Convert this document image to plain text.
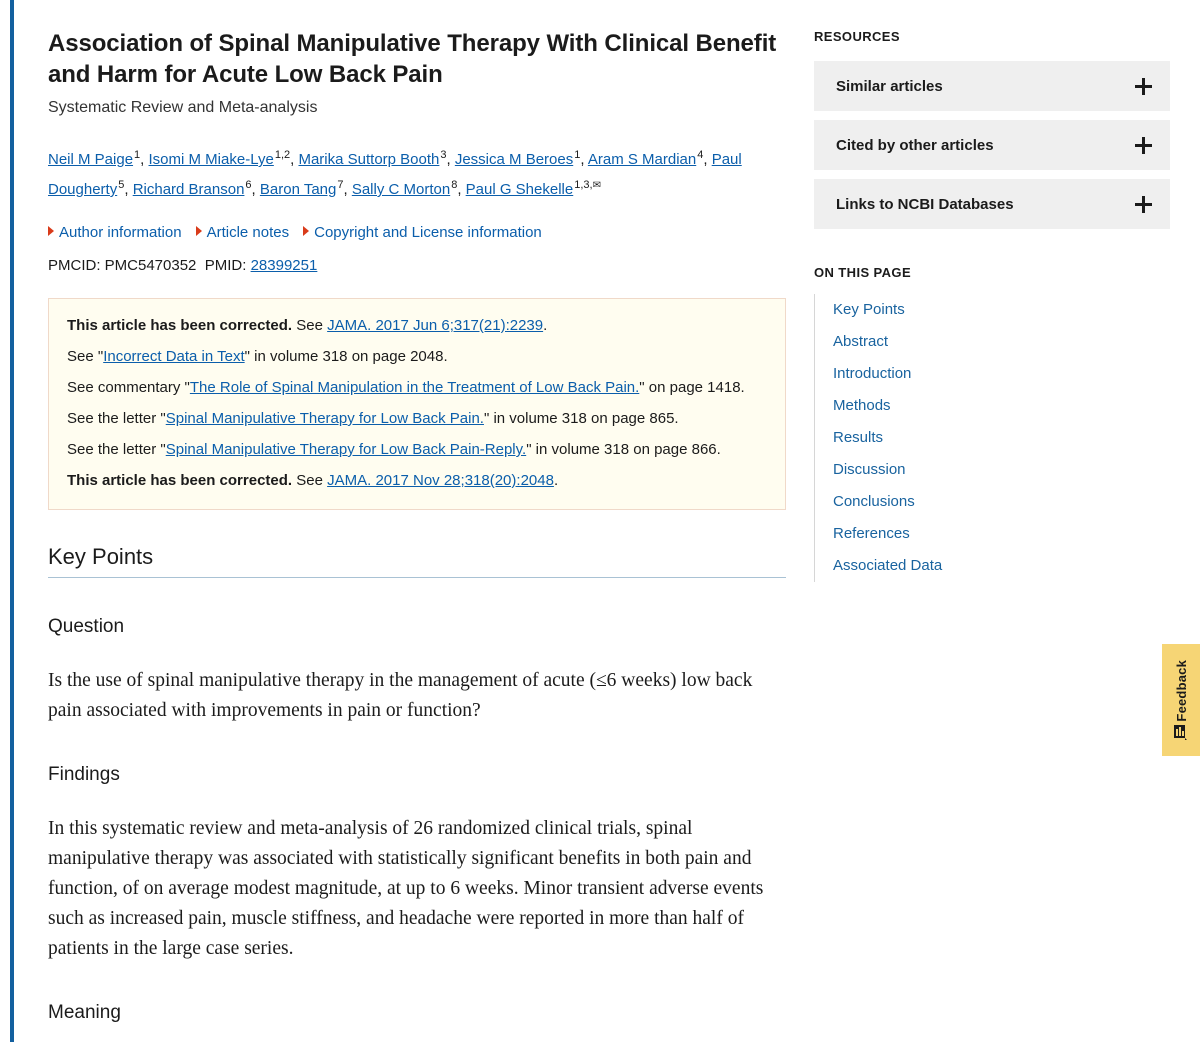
Association of Spinal Manipulative Therapy With Clinical Benefit and Harm for Acute Low Back Pain
Systematic Review and Meta-analysis
Neil M Paige$^1$, Isomi M Miake-Lye$^{1,2}$, Marika Suttorp Booth$^3$, Jessica M Beroes$^1$, Aram S Mardian$^4$, Paul Dougherty$^5$, Richard Branson$^6$, Baron Tang$^7$, Sally C Morton$^8$, Paul G Shekelle$^{1,3,✉}$
Author information Article notes Copyright and License information
PMCID: PMC5470352 PMID: 28399251

This article has been corrected. See JAMA. 2017 Jun 6;317(21):2239.

See "Incorrect Data in Text" in volume 318 on page 2048.

See commentary "The Role of Spinal Manipulation in the Treatment of Low Back Pain." on page 1418.

See the letter "Spinal Manipulative Therapy for Low Back Pain." in volume 318 on page 865.

See the letter "Spinal Manipulative Therapy for Low Back Pain-Reply." in volume 318 on page 866.

This article has been corrected. See JAMA. 2017 Nov 28;318(20):2048.

Key Points
Question

Is the use of spinal manipulative therapy in the management of acute (≤6 weeks) low back pain associated with improvements in pain or function?

Findings

In this systematic review and meta-analysis of 26 randomized clinical trials, spinal manipulative therapy was associated with statistically significant benefits in both pain and function, of on average modest magnitude, at up to 6 weeks. Minor transient adverse events such as increased pain, muscle stiffness, and headache were reported in more than half of patients in the large case series.

Meaning
RESOURCES
Similar articles
Cited by other articles
Links to NCBI Databases
ON THIS PAGE
Key Points
Abstract
Introduction
Methods
Results
Discussion
Conclusions
References
Associated Data
Feedback
